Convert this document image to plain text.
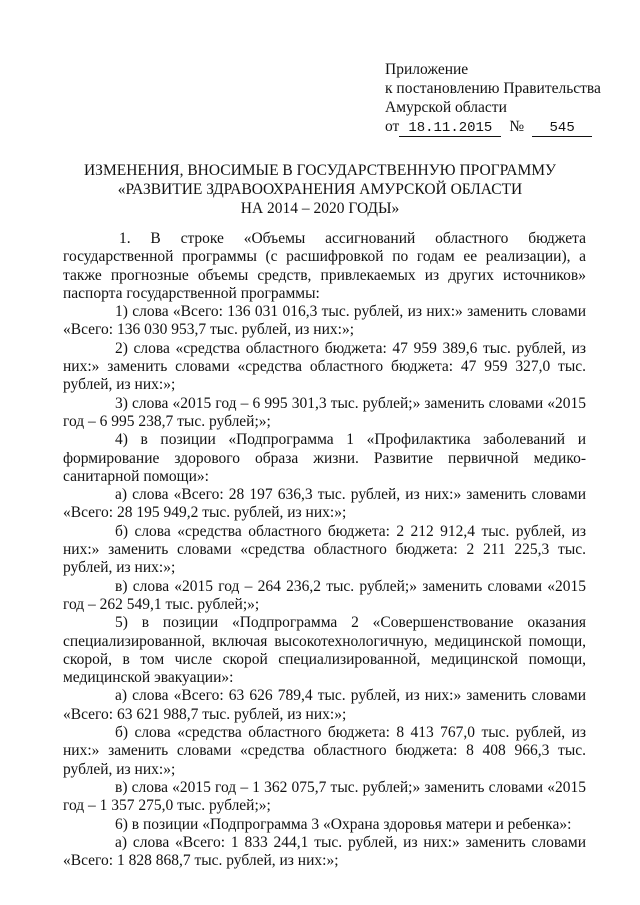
Приложение
к постановлению Правительства
Амурской области
от 18.11.2015 № 545
ИЗМЕНЕНИЯ, ВНОСИМЫЕ В ГОСУДАРСТВЕННУЮ ПРОГРАММУ
«РАЗВИТИЕ ЗДРАВООХРАНЕНИЯ АМУРСКОЙ ОБЛАСТИ
НА 2014 – 2020 ГОДЫ»

1. В строке «Объемы ассигнований областного бюджета государственной программы (с расшифровкой по годам ее реализации), а также прогнозные объемы средств, привлекаемых из других источников» паспорта государственной программы:

1) слова «Всего: 136 031 016,3 тыс. рублей, из них:» заменить словами «Всего: 136 030 953,7 тыс. рублей, из них:»;

2) слова «средства областного бюджета: 47 959 389,6 тыс. рублей, из них:» заменить словами «средства областного бюджета: 47 959 327,0 тыс. рублей, из них:»;

3) слова «2015 год – 6 995 301,3 тыс. рублей;» заменить словами «2015 год – 6 995 238,7 тыс. рублей;»;

4) в позиции «Подпрограмма 1 «Профилактика заболеваний и формирование здорового образа жизни. Развитие первичной медико-санитарной помощи»:

а) слова «Всего: 28 197 636,3 тыс. рублей, из них:» заменить словами «Всего: 28 195 949,2 тыс. рублей, из них:»;

б) слова «средства областного бюджета: 2 212 912,4 тыс. рублей, из них:» заменить словами «средства областного бюджета: 2 211 225,3 тыс. рублей, из них:»;

в) слова «2015 год – 264 236,2 тыс. рублей;» заменить словами «2015 год – 262 549,1 тыс. рублей;»;

5) в позиции «Подпрограмма 2 «Совершенствование оказания специализированной, включая высокотехнологичную, медицинской помощи, скорой, в том числе скорой специализированной, медицинской помощи, медицинской эвакуации»:

а) слова «Всего: 63 626 789,4 тыс. рублей, из них:» заменить словами «Всего: 63 621 988,7 тыс. рублей, из них:»;

б) слова «средства областного бюджета: 8 413 767,0 тыс. рублей, из них:» заменить словами «средства областного бюджета: 8 408 966,3 тыс. рублей, из них:»;

в) слова «2015 год – 1 362 075,7 тыс. рублей;» заменить словами «2015 год – 1 357 275,0 тыс. рублей;»;

6) в позиции «Подпрограмма 3 «Охрана здоровья матери и ребенка»:

а) слова «Всего: 1 833 244,1 тыс. рублей, из них:» заменить словами «Всего: 1 828 868,7 тыс. рублей, из них:»;
